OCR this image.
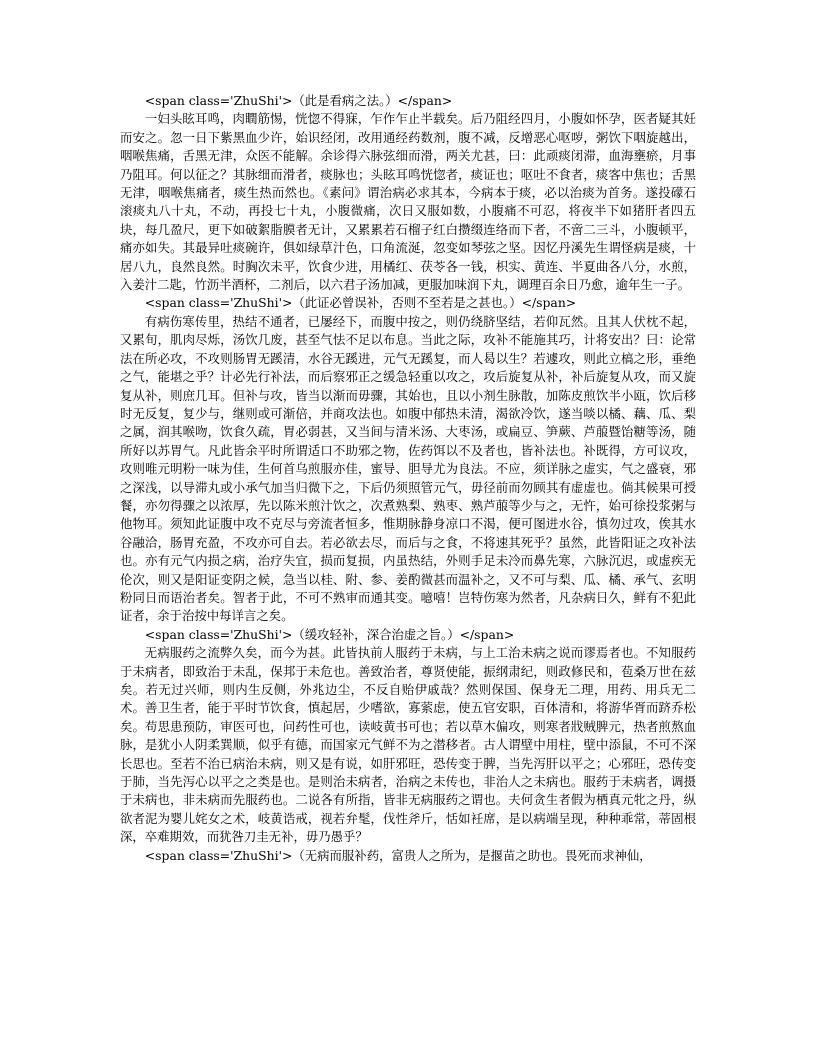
<span class='ZhuShi'>（此是看病之法。）</span>

一妇头眩耳鸣，肉瞤筋惕，恍惚不得寐，乍作乍止半载矣。后乃阻经四月，小腹如怀孕，医者疑其妊而安之。忽一日下紫黑血少许，始识经闭，改用通经药数剂，腹不减，反增恶心呕哕，粥饮下咽旋越出，咽喉焦痛，舌黑无津，众医不能解。余诊得六脉弦细而滑，两关尤甚，曰：此顽痰闭滞，血海壅瘀，月事乃阻耳。何以征之？其脉细而滑者，痰脉也；头眩耳鸣恍惚者，痰证也；呕吐不食者，痰客中焦也；舌黑无津，咽喉焦痛者，痰生热而然也。《素问》谓治病必求其本，今病本于痰，必以治痰为首务。遂投礞石滚痰丸八十丸，不动，再投七十丸，小腹微痛，次日又服如数，小腹痛不可忍，将夜半下如猪肝者四五块，每几盈尺，更下如破絮脂膜者无计，又累累若石榴子红白攒缀连络而下者，不啻二三斗，小腹顿平，痛亦如失。其最异吐痰碗许，俱如绿草汁色，口角流涎，忽变如琴弦之坚。因忆丹溪先生谓怪病是痰，十居八九，良然良然。时胸次未平，饮食少进，用橘红、茯苓各一钱，枳实、黄连、半夏曲各八分，水煎，入姜汁二匙，竹沥半酒杯，二剂后，以六君子汤加减，更服加味润下丸，调理百余日乃愈，逾年生一子。

<span class='ZhuShi'>（此证必曾误补，否则不至若是之甚也。）</span>

有病伤寒传里，热结不通者，已屡经下，而腹中按之，则仍绕脐坚结，若仰瓦然。且其人伏枕不起，又累旬，肌肉尽烁，汤饮几废，甚至气怯不足以布息。当此之际，攻补不能施其巧，计将安出？曰：论常法在所必攻，不攻则肠胃无蹊清，水谷无蹊进，元气无蹊复，而人曷以生？若遽攻，则此立槁之形，垂绝之气，能堪之乎？计必先行补法，而后察邪正之缓急轻重以攻之，攻后旋复从补，补后旋复从攻，而又旋复从补，则庶几耳。但补与攻，皆当以渐而毋骤，其始也，且以小剂生脉散，加陈皮煎饮半小瓯，饮后移时无反复，复少与，继则或可渐倍，并商攻法也。如腹中郁热未清，渴欲冷饮，遂当啖以橘、藕、瓜、梨之属，润其喉吻，饮食久疏，胃必弱甚，又当间与清米汤、大枣汤，或扁豆、笋蕨、芦菔暨饴糖等汤，随所好以苏胃气。凡此皆余平时所谓适口不助邪之物，佐药饵以不及者也，皆补法也。补既得，方可议攻，攻则唯元明粉一味为佳，生何首乌煎服亦佳，蜜导、胆导尤为良法。不应，须详脉之虚实，气之盛衰，邪之深浅，以导滞丸或小承气加当归微下之，下后仍须照管元气，毋径前而勿顾其有虚虚也。倘其候果可授餐，亦勿得骤之以浓厚，先以陈米煎汁饮之，次煮熟梨、熟枣、熟芦菔等少与之，无忤，始可徐投浆粥与他物耳。须知此证腹中攻不克尽与旁流者恒多，惟期脉静身凉口不渴，便可图进水谷，慎勿过攻，俟其水谷融洽，肠胃充盈，不攻亦可自去。若必欲去尽，而后与之食，不将速其死乎？虽然，此皆阳证之攻补法也。亦有元气内损之病，治疗失宜，损而复损，内虽热结，外则手足未冷而鼻先寒，六脉沉迟，或虚疾无伦次，则又是阳证变阴之候，急当以桂、附、参、姜酌微甚而温补之，又不可与梨、瓜、橘、承气、玄明粉同日而语治者矣。智者于此，不可不熟审而通其变。噫嘻！岂特伤寒为然者，凡杂病日久，鲜有不犯此证者，余于治按中每详言之矣。

<span class='ZhuShi'>（缓攻轻补，深合治虚之旨。）</span>

无病服药之流弊久矣，而今为甚。此皆执前人服药于未病，与上工治未病之说而谬焉者也。不知服药于未病者，即致治于未乱，保邦于未危也。善致治者，尊贤使能，振纲肃纪，则政修民和，苞桑万世在兹矣。若无过兴师，则内生反侧，外兆边尘，不反自贻伊戚哉？然则保国、保身无二理，用药、用兵无二术。善卫生者，能于平时节饮食，慎起居，少嗜欲，寡萦虑，使五官安职，百体清和，将游华胥而跻乔松矣。苟思患预防，审医可也，问药性可也，读岐黄书可也；若以草木偏攻，则寒者戕贼脾元，热者煎熬血脉，是犹小人阴柔巽顺，似乎有德，而国家元气鲜不为之潜移者。古人谓壁中用柱，壁中添鼠，不可不深长思也。至若不治已病治未病，则又是有说，如肝邪旺，恐传变于脾，当先泻肝以平之；心邪旺，恐传变于肺，当先泻心以平之之类是也。是则治未病者，治病之未传也，非治人之未病也。服药于未病者，调摄于未病也，非未病而先服药也。二说各有所指，皆非无病服药之谓也。夫何贪生者假为栖真元牝之丹，纵欲者泥为婴儿姹女之术，岐黄诰戒，视若弁髦，伐性斧斤，恬如衽席，是以病端呈现，种种乖常，蒂固根深，卒难期效，而犹咎刀圭无补，毋乃愚乎？

<span class='ZhuShi'>（无病而服补药，富贵人之所为，是揠苗之助也。畏死而求神仙，
